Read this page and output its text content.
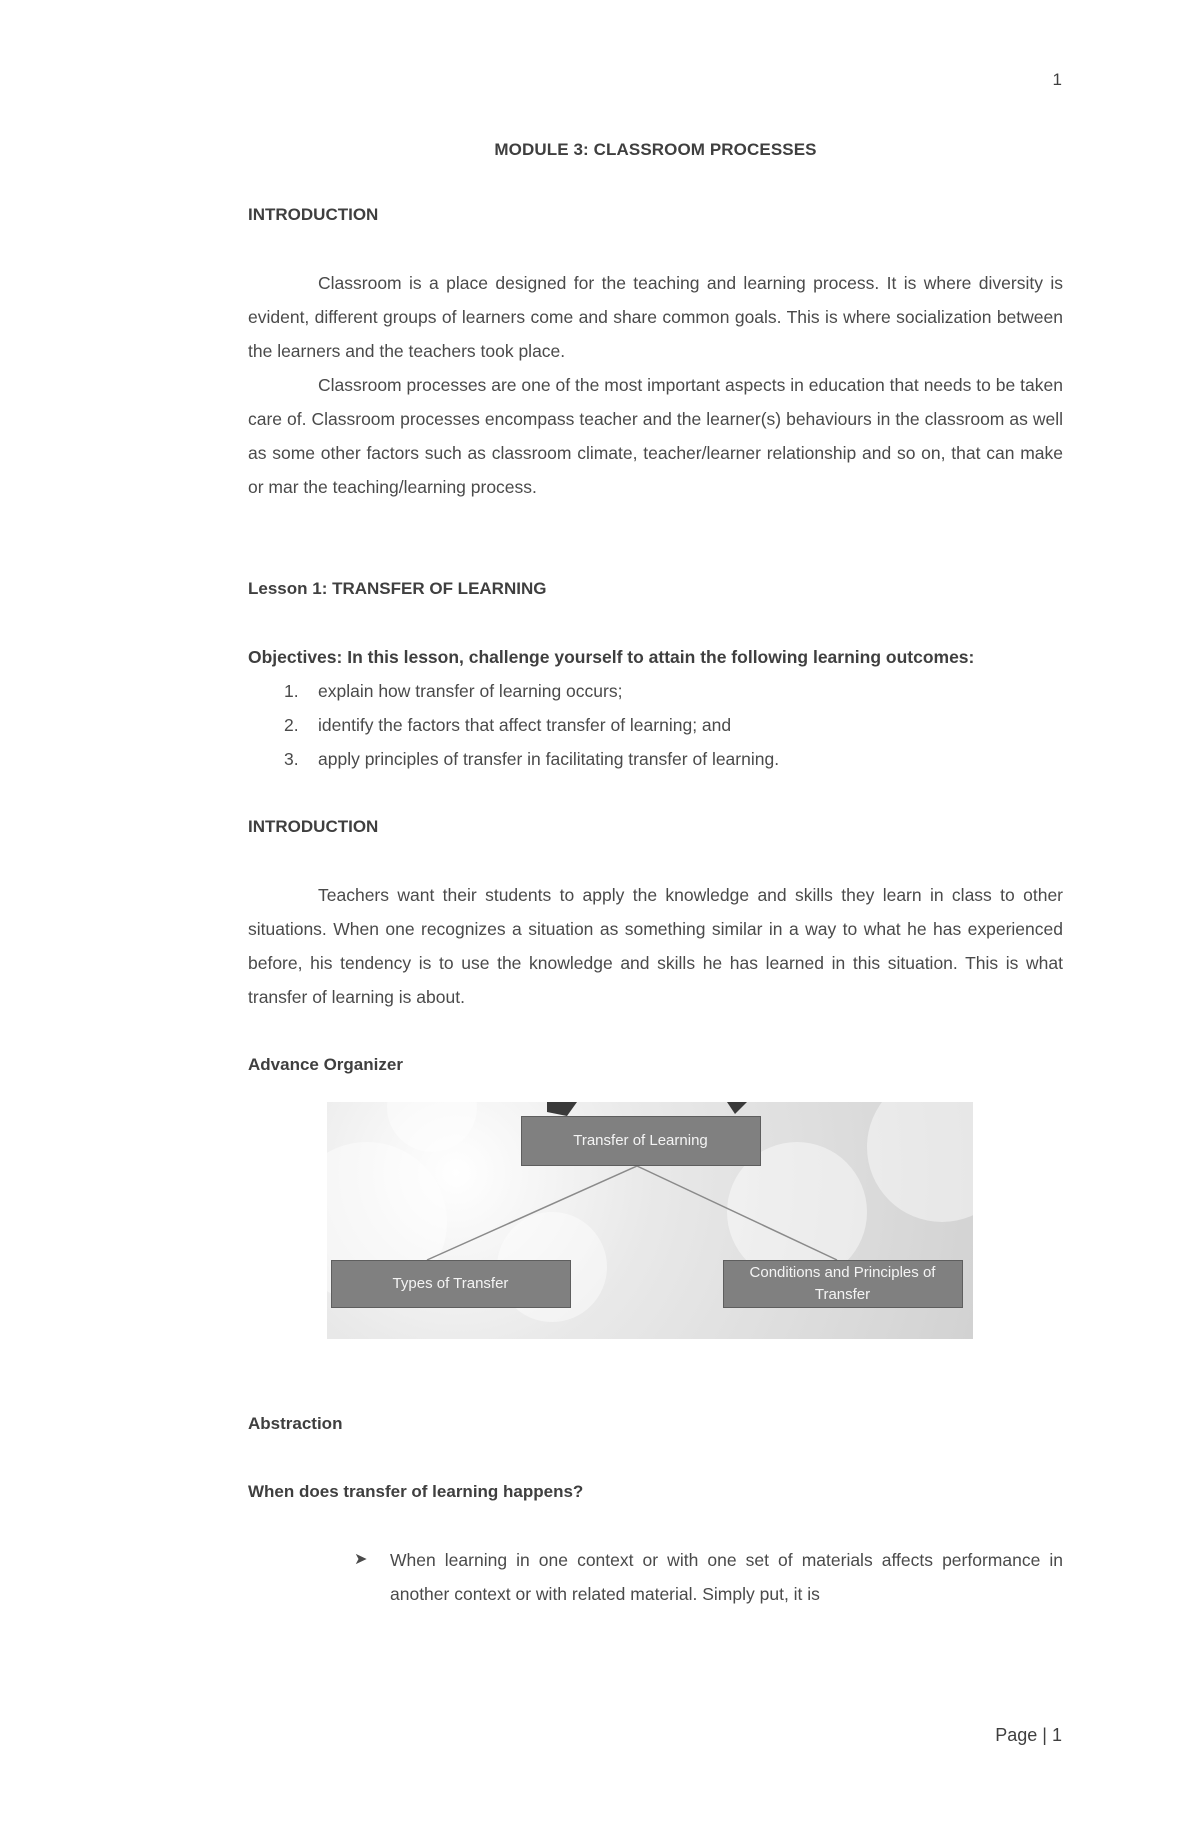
1
MODULE 3: CLASSROOM PROCESSES
INTRODUCTION

Classroom is a place designed for the teaching and learning process. It is where diversity is evident, different groups of learners come and share common goals. This is where socialization between the learners and the teachers took place.

Classroom processes are one of the most important aspects in education that needs to be taken care of. Classroom processes encompass teacher and the learner(s) behaviours in the classroom as well as some other factors such as classroom climate, teacher/learner relationship and so on, that can make or mar the teaching/learning process.

Lesson 1: TRANSFER OF LEARNING

Objectives: In this lesson, challenge yourself to attain the following learning outcomes:

1. explain how transfer of learning occurs;
2. identify the factors that affect transfer of learning; and
3. apply principles of transfer in facilitating transfer of learning.
INTRODUCTION

Teachers want their students to apply the knowledge and skills they learn in class to other situations. When one recognizes a situation as something similar in a way to what he has experienced before, his tendency is to use the knowledge and skills he has learned in this situation. This is what transfer of learning is about.

Advance Organizer
Transfer of Learning
Types of Transfer
Conditions and Principles of Transfer
Abstraction
When does transfer of learning happens?
➤ When learning in one context or with one set of materials affects performance in another context or with related material. Simply put, it is
Page | 1
